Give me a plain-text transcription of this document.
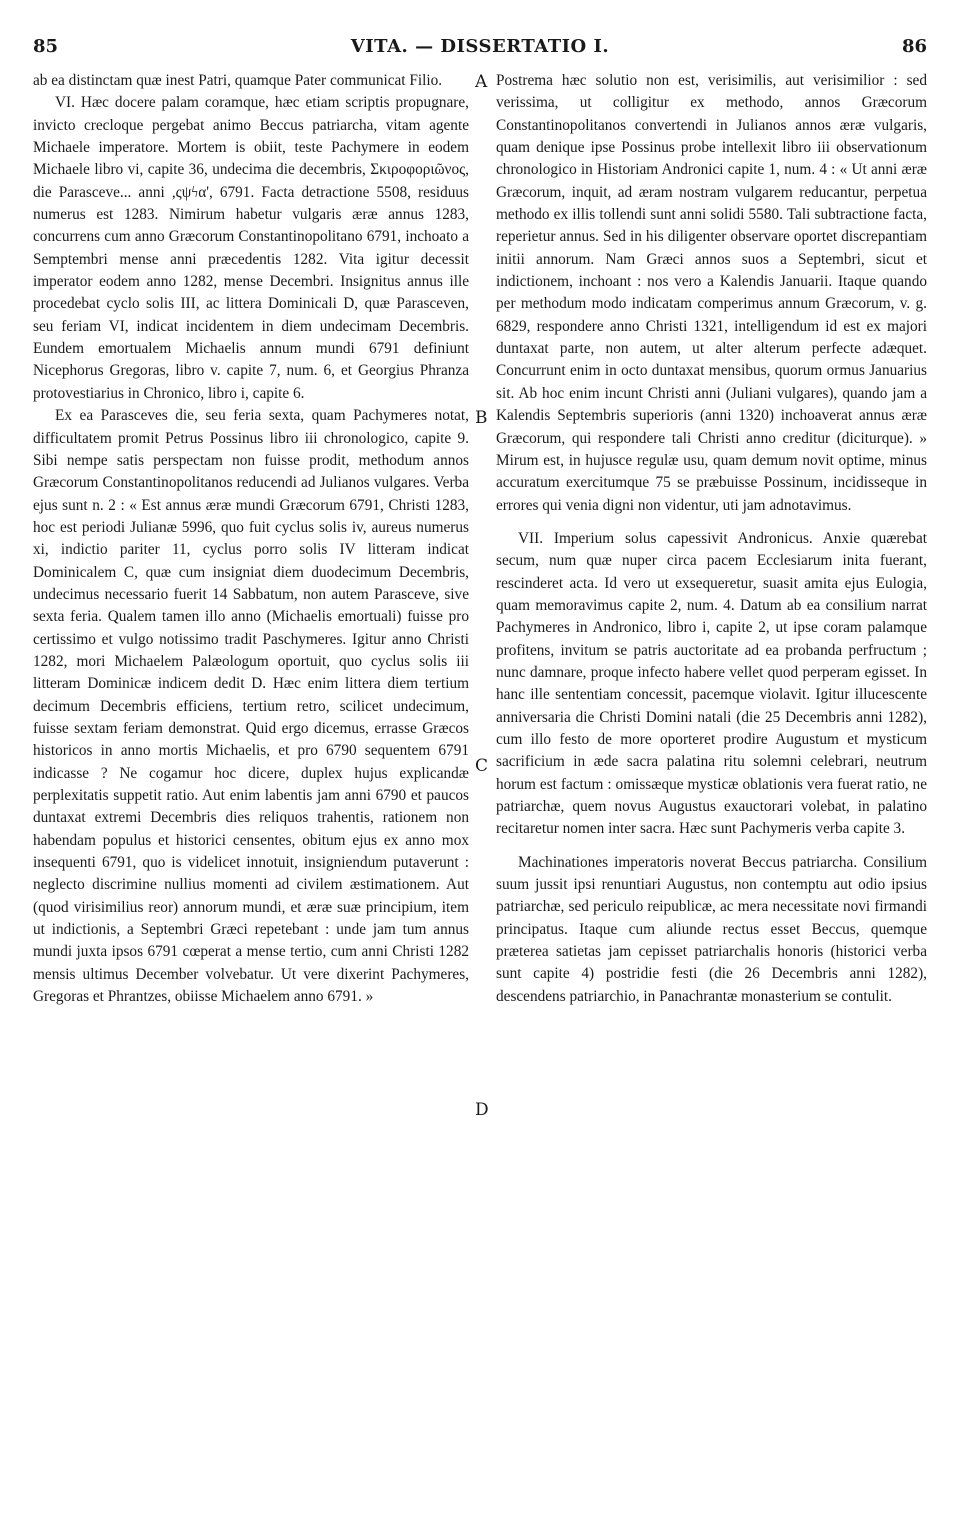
85	VITA. — DISSERTATIO I.	86

ab ea distinctam quæ inest Patri, quamque Pater communicat Filio.

VI. Hæc docere palam coramque, hæc etiam scriptis propugnare, invicto crecloque pergebat animo Beccus patriarcha, vitam agente Michaele imperatore. Mortem is obiit, teste Pachymere in eodem Michaele libro vi, capite 36, undecima die decembris, Σκιροφοριῶνος, die Parasceve... anni ,ςψϟα', 6791. Facta detractione 5508, residuus numerus est 1283. Nimirum habetur vulgaris æræ annus 1283, concurrens cum anno Græcorum Constantinopolitano 6791, inchoato a Semptembri mense anni præcedentis 1282. Vita igitur decessit imperator eodem anno 1282, mense Decembri. Insignitus annus ille procedebat cyclo solis III, ac littera Dominicali D, quæ Parasceven, seu feriam VI, indicat incidentem in diem undecimam Decembris. Eundem emortualem Michaelis annum mundi 6791 definiunt Nicephorus Gregoras, libro v. capite 7, num. 6, et Georgius Phranza protovestiarius in Chronico, libro i, capite 6.

Ex ea Parasceves die, seu feria sexta, quam Pachymeres notat, difficultatem promit Petrus Possinus libro iii chronologico, capite 9. Sibi nempe satis perspectam non fuisse prodit, methodum annos Græcorum Constantinopolitanos reducendi ad Julianos vulgares. Verba ejus sunt n. 2 : « Est annus æræ mundi Græcorum 6791, Christi 1283, hoc est periodi Julianæ 5996, quo fuit cyclus solis iv, aureus numerus xi, indictio pariter 11, cyclus porro solis IV litteram indicat Dominicalem C, quæ cum insigniat diem duodecimum Decembris, undecimus necessario fuerit 14 Sabbatum, non autem Parasceve, sive sexta feria. Qualem tamen illo anno (Michaelis emortuali) fuisse pro certissimo et vulgo notissimo tradit Paschymeres. Igitur anno Christi 1282, mori Michaelem Palæologum oportuit, quo cyclus solis iii litteram Dominicæ indicem dedit D. Hæc enim littera diem tertium decimum Decembris efficiens, tertium retro, scilicet undecimum, fuisse sextam feriam demonstrat. Quid ergo dicemus, errasse Græcos historicos in anno mortis Michaelis, et pro 6790 sequentem 6791 indicasse ? Ne cogamur hoc dicere, duplex hujus explicandæ perplexitatis suppetit ratio. Aut enim labentis jam anni 6790 et paucos duntaxat extremi Decembris dies reliquos trahentis, rationem non habendam populus et historici censentes, obitum ejus ex anno mox insequenti 6791, quo is videlicet innotuit, insigniendum putaverunt : neglecto discrimine nullius momenti ad civilem æstimationem. Aut (quod virisimilius reor) annorum mundi, et æræ suæ principium, item ut indictionis, a Septembri Græci repetebant : unde jam tum annus mundi juxta ipsos 6791 cœperat a mense tertio, cum anni Christi 1282 mensis ultimus December volvebatur. Ut vere dixerint Pachymeres, Gregoras et Phrantzes, obiisse Michaelem anno 6791. »

Postrema hæc solutio non est, verisimilis, aut verisimilior : sed verissima, ut colligitur ex methodo, annos Græcorum Constantinopolitanos convertendi in Julianos annos æræ vulgaris, quam denique ipse Possinus probe intellexit libro iii observationum chronologico in Historiam Andronici capite 1, num. 4 : « Ut anni æræ Græcorum, inquit, ad æram nostram vulgarem reducantur, perpetua methodo ex illis tollendi sunt anni solidi 5580. Tali subtractione facta, reperietur annus. Sed in his diligenter observare oportet discrepantiam initii annorum. Nam Græci annos suos a Septembri, sicut et indictionem, inchoant : nos vero a Kalendis Januarii. Itaque quando per methodum modo indicatam comperimus annum Græcorum, v. g. 6829, respondere anno Christi 1321, intelligendum id est ex majori duntaxat parte, non autem, ut alter alterum perfecte adæquet. Concurrunt enim in octo duntaxat mensibus, quorum ormus Januarius sit. Ab hoc enim incunt Christi anni (Juliani vulgares), quando jam a Kalendis Septembris superioris (anni 1320) inchoaverat annus æræ Græcorum, qui respondere tali Christi anno creditur (diciturque). » Mirum est, in hujusce regulæ usu, quam demum novit optime, minus accuratum exercitumque 75 se præbuisse Possinum, incidisseque in errores qui venia digni non videntur, uti jam adnotavimus.

VII. Imperium solus capessivit Andronicus. Anxie quærebat secum, num quæ nuper circa pacem Ecclesiarum inita fuerant, rescinderet acta. Id vero ut exsequeretur, suasit amita ejus Eulogia, quam memoravimus capite 2, num. 4. Datum ab ea consilium narrat Pachymeres in Andronico, libro i, capite 2, ut ipse coram palamque profitens, invitum se patris auctoritate ad ea probanda perfructum ; nunc damnare, proque infecto habere vellet quod perperam egisset. In hanc ille sententiam concessit, pacemque violavit. Igitur illucescente anniversaria die Christi Domini natali (die 25 Decembris anni 1282), cum illo festo de more oporteret prodire Augustum et mysticum sacrificium in æde sacra palatina ritu solemni celebrari, neutrum horum est factum : omissæque mysticæ oblationis vera fuerat ratio, ne patriarchæ, quem novus Augustus exauctorari volebat, in palatino recitaretur nomen inter sacra. Hæc sunt Pachymeris verba capite 3.

Machinationes imperatoris noverat Beccus patriarcha. Consilium suum jussit ipsi renuntiari Augustus, non contemptu aut odio ipsius patriarchæ, sed periculo reipublicæ, ac mera necessitate novi firmandi principatus. Itaque cum aliunde rectus esset Beccus, quemque præterea satietas jam cepisset patriarchalis honoris (historici verba sunt capite 4) postridie festi (die 26 Decembris anni 1282), descendens patriarchio, in Panachrantæ monasterium se contulit.

A
B
C
D
